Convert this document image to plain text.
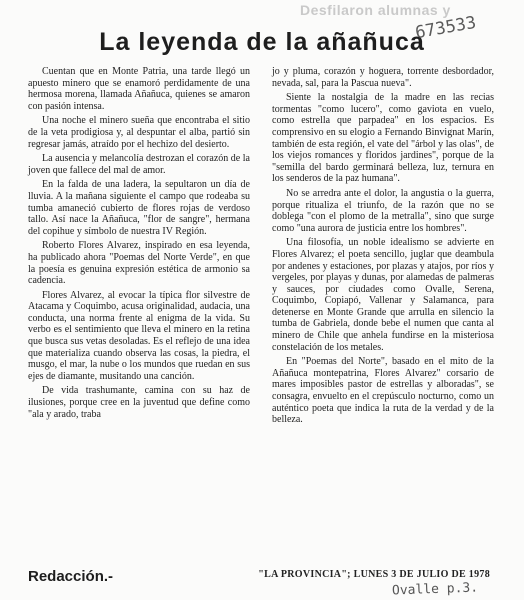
Desfilaron alumnas y
La leyenda de la añañuca
673533

Cuentan que en Monte Patria, una tarde llegó un apuesto minero que se enamoró perdidamente de una hermosa morena, llamada Añañuca, quienes se amaron con pasión intensa.

Una noche el minero sueña que encontraba el sitio de la veta prodigiosa y, al despuntar el alba, partió sin regresar jamás, atraído por el hechizo del desierto.

La ausencia y melancolía destrozan el corazón de la joven que fallece del mal de amor.

En la falda de una ladera, la sepultaron un día de lluvia. A la mañana siguiente el campo que rodeaba su tumba amaneció cubierto de flores rojas de verdoso tallo. Así nace la Añañuca, "flor de sangre", hermana del copihue y símbolo de nuestra IV Región.

Roberto Flores Alvarez, inspirado en esa leyenda, ha publicado ahora "Poemas del Norte Verde", en que la poesía es genuina expresión estética de armonio sa cadencia.

Flores Alvarez, al evocar la típica flor silvestre de Atacama y Coquimbo, acusa originalidad, audacia, una conducta, una norma frente al enigma de la vida. Su verbo es el sentimiento que lleva el minero en la retina que busca sus vetas desoladas. Es el reflejo de una idea que materializa cuando observa las cosas, la piedra, el musgo, el mar, la nube o los mundos que ruedan en sus ejes de diamante, musitando una canción.

De vida trashumante, camina con su haz de ilusiones, porque cree en la juventud que define como "ala y arado, traba

jo y pluma, corazón y hoguera, torrente desbordador, nevada, sal, para la Pascua nueva".

Siente la nostalgia de la madre en las recias tormentas "como lucero", como gaviota en vuelo, como estrella que parpadea" en los espacios. Es comprensivo en su elogio a Fernando Binvignat Marín, también de esta región, el vate del "árbol y las olas", de los viejos romances y floridos jardines", porque de la "semilla del bardo germinará belleza, luz, ternura en los senderos de la paz humana".

No se arredra ante el dolor, la angustia o la guerra, porque ritualiza el triunfo, de la razón que no se doblega "con el plomo de la metralla", sino que surge como "una aurora de justicia entre los hombres".

Una filosofía, un noble idealismo se advierte en Flores Alvarez; el poeta sencillo, juglar que deambula por andenes y estaciones, por plazas y atajos, por ríos y vergeles, por playas y dunas, por alamedas de palmeras y sauces, por ciudades como Ovalle, Serena, Coquimbo, Copiapó, Vallenar y Salamanca, para detenerse en Monte Grande que arrulla en silencio la tumba de Gabriela, donde bebe el numen que canta al minero de Chile que anhela fundirse en la misteriosa constelación de los metales.

En "Poemas del Norte", basado en el mito de la Añañuca montepatrina, Flores Alvarez" corsario de mares imposibles pastor de estrellas y alboradas", se consagra, envuelto en el crepúsculo nocturno, como un auténtico poeta que indica la ruta de la verdad y de la belleza.

Redacción.-	"LA PROVINCIA"; LUNES 3 DE JULIO DE 1978
Ovalle p.3.
